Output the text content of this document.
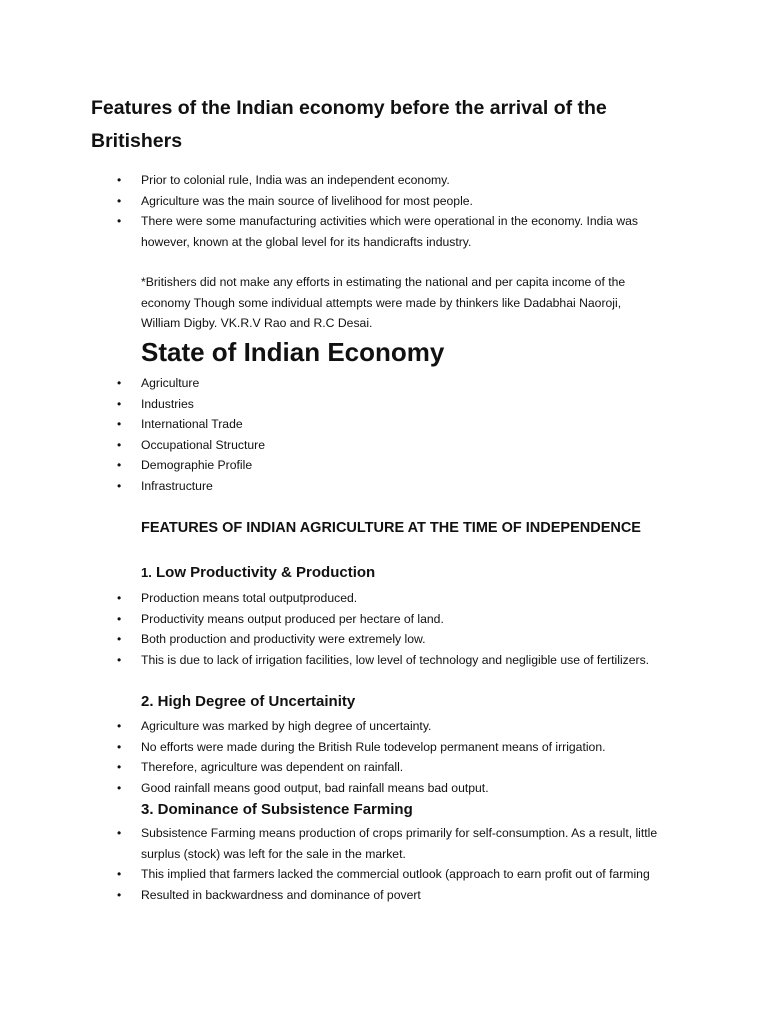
Features of the Indian economy before the arrival of the Britishers
• Prior to colonial rule, India was an independent economy.
• Agriculture was the main source of livelihood for most people.
• There were some manufacturing activities which were operational in the economy. India was however, known at the global level for its handicrafts industry.

*Britishers did not make any efforts in estimating the national and per capita income of the economy Though some individual attempts were made by thinkers like Dadabhai Naoroji, William Digby. VK.R.V Rao and R.C Desai.

State of Indian Economy
• Agriculture
• Industries
• International Trade
• Occupational Structure
• Demographie Profile
• Infrastructure
FEATURES OF INDIAN AGRICULTURE AT THE TIME OF INDEPENDENCE
1. Low Productivity & Production
• Production means total outputproduced.
• Productivity means output produced per hectare of land.
• Both production and productivity were extremely low.
• This is due to lack of irrigation facilities, low level of technology and negligible use of fertilizers.
2. High Degree of Uncertainity
• Agriculture was marked by high degree of uncertainty.
• No efforts were made during the British Rule todevelop permanent means of irrigation.
• Therefore, agriculture was dependent on rainfall.
• Good rainfall means good output, bad rainfall means bad output.
3. Dominance of Subsistence Farming
• Subsistence Farming means production of crops primarily for self-consumption. As a result, little surplus (stock) was left for the sale in the market.
• This implied that farmers lacked the commercial outlook (approach to earn profit out of farming
• Resulted in backwardness and dominance of povert
